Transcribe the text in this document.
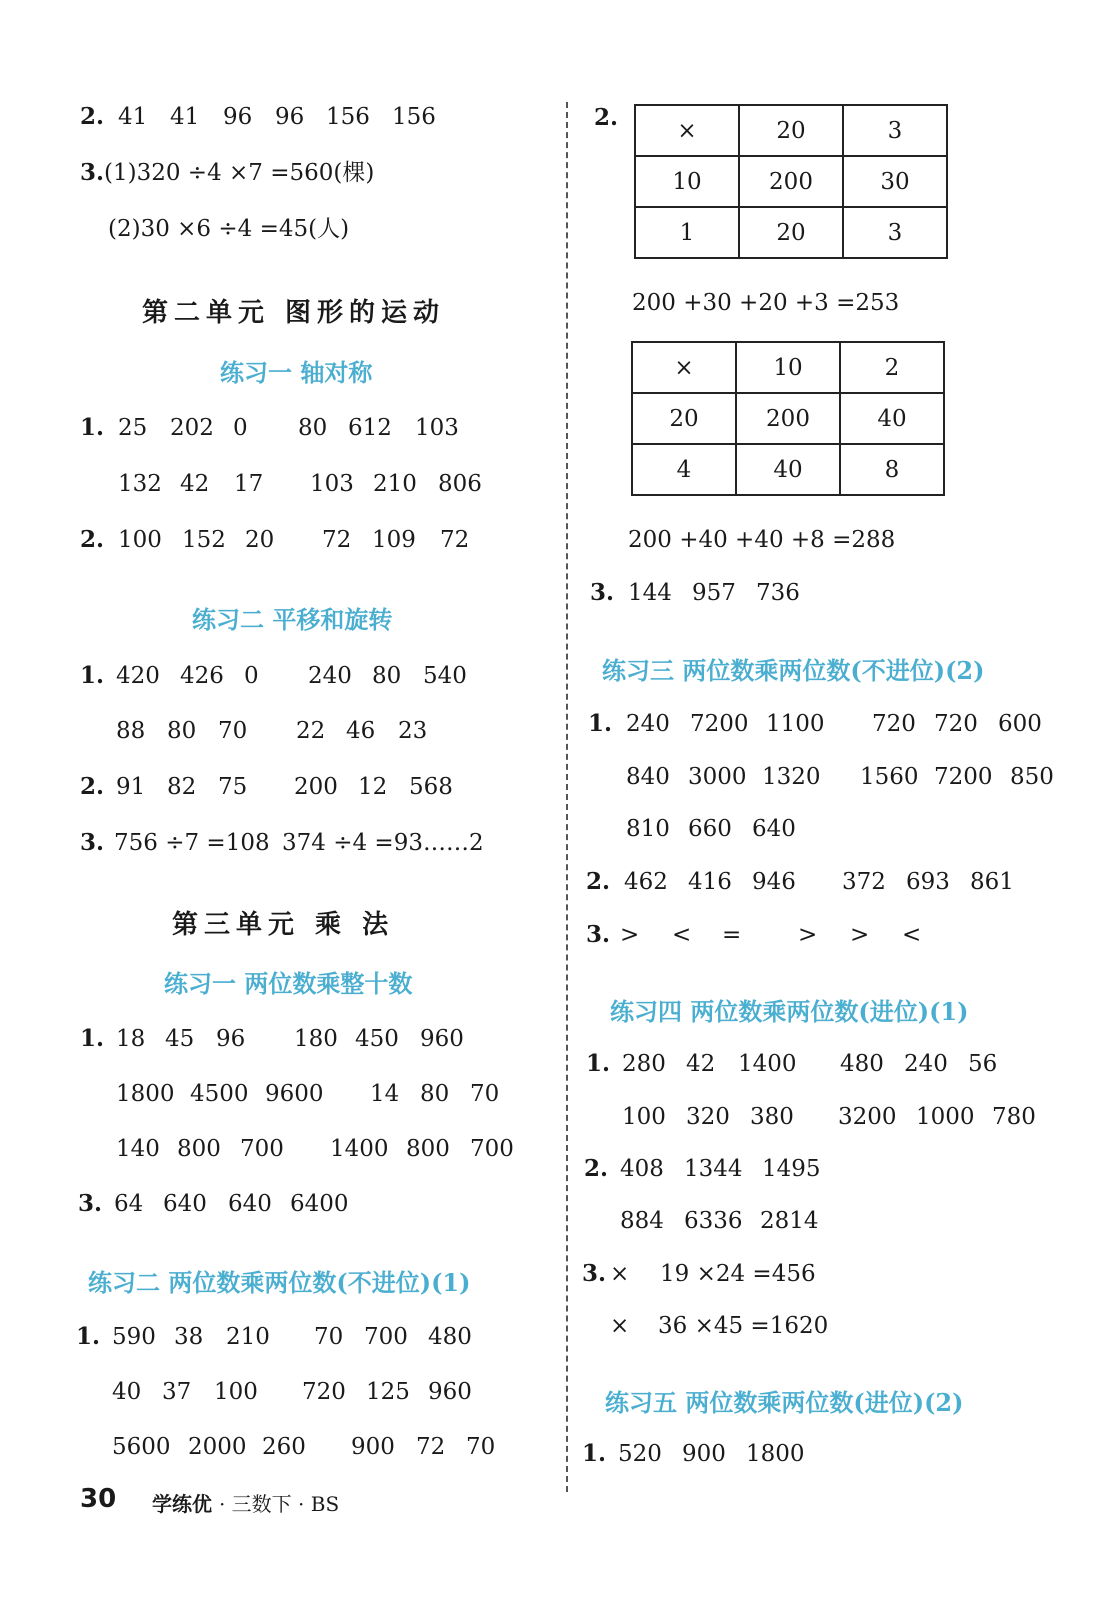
2. 41 41 96 96 156 156
3.(1)320 ÷4 ×7 =560(棵)
(2)30 ×6 ÷4 =45(人)
第二单元 图形的运动
练习一 轴对称
1. 25 202 0 80 612 103
132 42 17 103 210 806
2. 100 152 20 72 109 72
练习二 平移和旋转
1. 420 426 0 240 80 540
88 80 70 22 46 23
2. 91 82 75 200 12 568
3. 756 ÷7 =108 374 ÷4 =93……2
第三单元 乘 法
练习一 两位数乘整十数
1. 18 45 96 180 450 960
1800 4500 9600 14 80 70
140 800 700 1400 800 700
3. 64 640 640 6400
练习二 两位数乘两位数(不进位)(1)
1. 590 38 210 70 700 480
40 37 100 720 125 960
5600 2000 260 900 72 70
2.	×	20	3
10	200	30
1	20	3
200 +30 +20 +3 =253
×	10	2
20	200	40
4	40	8
200 +40 +40 +8 =288
3. 144 957 736
练习三 两位数乘两位数(不进位)(2)
1. 240 7200 1100 720 720 600
840 3000 1320 1560 7200 850
810 660 640
2. 462 416 946 372 693 861
3. > < = > > <
练习四 两位数乘两位数(进位)(1)
1. 280 42 1400 480 240 56
100 320 380 3200 1000 780
2. 408 1344 1495
884 6336 2814
3. × 19 ×24 =456
× 36 ×45 =1620
练习五 两位数乘两位数(进位)(2)
1. 520 900 1800
30 学练优 · 三数下 · BS
